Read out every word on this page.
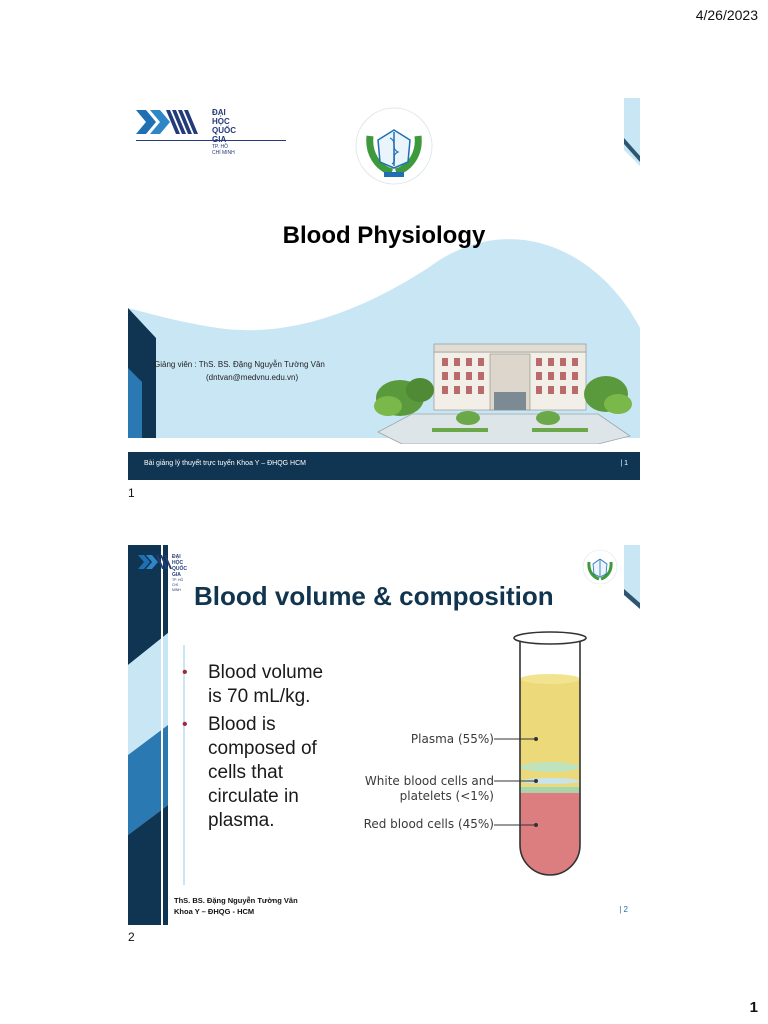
4/26/2023
ĐẠI HỌC
QUỐC
TP. HỒ CHÍ MINH
Blood Physiology
Giảng viên : ThS. BS. Đặng Nguyễn Tường Vân
(dntvan@medvnu.edu.vn)
Bài giảng lý thuyết trực tuyến Khoa Y – ĐHQG HCM	| 1
1
ĐẠI HỌC
QUỐC GIA
TP. HỒ CHÍ MINH Blood volume & composition
• Blood volume is 70 mL/kg.
• Blood is composed of cells that circulate in plasma.
Plasma (55%)
White blood cells and
platelets (<1%)
Red blood cells (45%)
ThS. BS. Đặng Nguyễn Tường Vân
Khoa Y – ĐHQG - HCM	| 2
2
1
